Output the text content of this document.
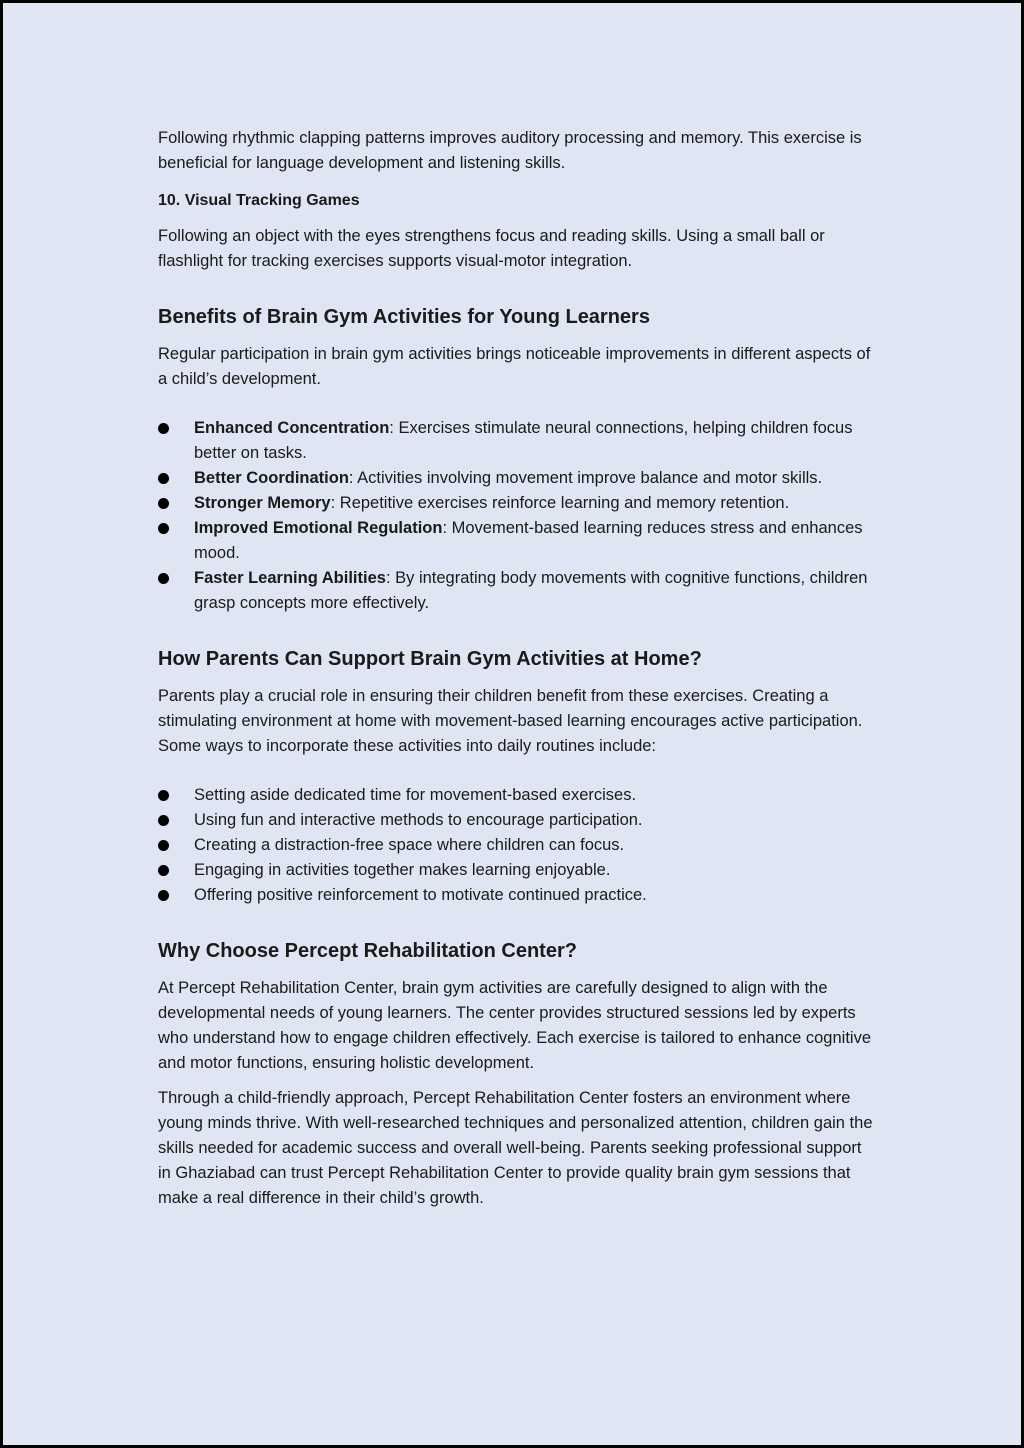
Following rhythmic clapping patterns improves auditory processing and memory. This exercise is beneficial for language development and listening skills.

10. Visual Tracking Games

Following an object with the eyes strengthens focus and reading skills. Using a small ball or flashlight for tracking exercises supports visual-motor integration.

Benefits of Brain Gym Activities for Young Learners

Regular participation in brain gym activities brings noticeable improvements in different aspects of a child’s development.

Enhanced Concentration: Exercises stimulate neural connections, helping children focus better on tasks.
Better Coordination: Activities involving movement improve balance and motor skills.
Stronger Memory: Repetitive exercises reinforce learning and memory retention.
Improved Emotional Regulation: Movement-based learning reduces stress and enhances mood.
Faster Learning Abilities: By integrating body movements with cognitive functions, children grasp concepts more effectively.
How Parents Can Support Brain Gym Activities at Home?

Parents play a crucial role in ensuring their children benefit from these exercises. Creating a stimulating environment at home with movement-based learning encourages active participation. Some ways to incorporate these activities into daily routines include:

Setting aside dedicated time for movement-based exercises.
Using fun and interactive methods to encourage participation.
Creating a distraction-free space where children can focus.
Engaging in activities together makes learning enjoyable.
Offering positive reinforcement to motivate continued practice.
Why Choose Percept Rehabilitation Center?

At Percept Rehabilitation Center, brain gym activities are carefully designed to align with the developmental needs of young learners. The center provides structured sessions led by experts who understand how to engage children effectively. Each exercise is tailored to enhance cognitive and motor functions, ensuring holistic development.

Through a child-friendly approach, Percept Rehabilitation Center fosters an environment where young minds thrive. With well-researched techniques and personalized attention, children gain the skills needed for academic success and overall well-being. Parents seeking professional support in Ghaziabad can trust Percept Rehabilitation Center to provide quality brain gym sessions that make a real difference in their child’s growth.
